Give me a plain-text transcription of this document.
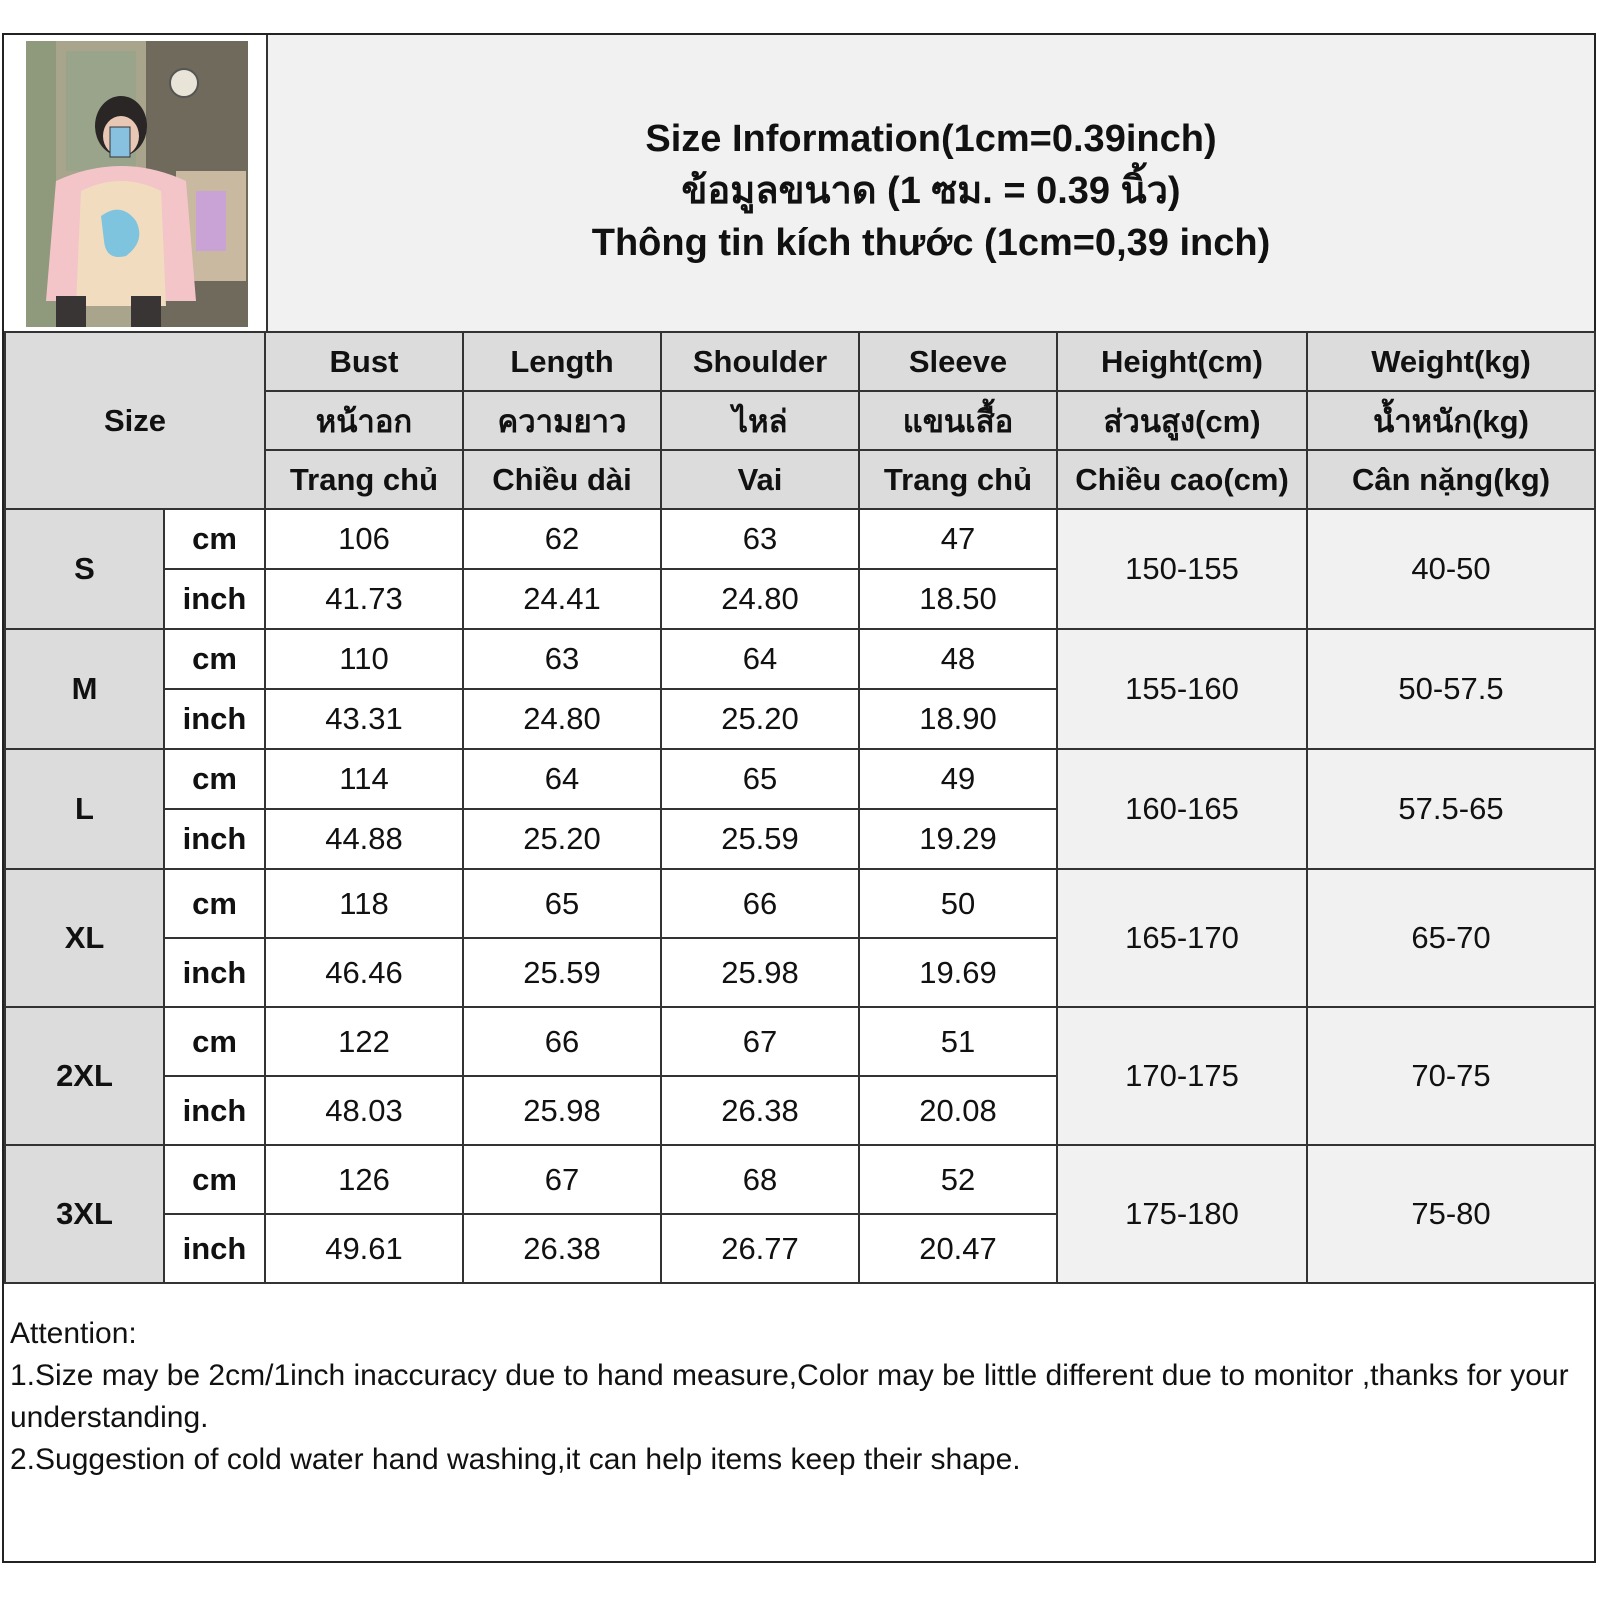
Size Information(1cm=0.39inch)
ข้อมูลขนาด (1 ซม. = 0.39 นิ้ว)
Thông tin kích thước (1cm=0,39 inch)
Size		Bust	Length	Shoulder	Sleeve	Height(cm)	Weight(kg)
		หน้าอก	ความยาว	ไหล่	แขนเสื้อ	ส่วนสูง(cm)	น้ำหนัก(kg)
		Trang chủ	Chiều dài	Vai	Trang chủ	Chiều cao(cm)	Cân nặng(kg)
S	cm	106	62	63	47	150-155	40-50
	inch	41.73	24.41	24.80	18.50		
M	cm	110	63	64	48	155-160	50-57.5
	inch	43.31	24.80	25.20	18.90		
L	cm	114	64	65	49	160-165	57.5-65
	inch	44.88	25.20	25.59	19.29		
XL	cm	118	65	66	50	165-170	65-70
	inch	46.46	25.59	25.98	19.69		
2XL	cm	122	66	67	51	170-175	70-75
	inch	48.03	25.98	26.38	20.08		
3XL	cm	126	67	68	52	175-180	75-80
	inch	49.61	26.38	26.77	20.47		
Attention:
1.Size may be 2cm/1inch inaccuracy due to hand measure,Color may be little different due to monitor ,thanks for your understanding.
2.Suggestion of cold water hand washing,it can help items keep their shape.
